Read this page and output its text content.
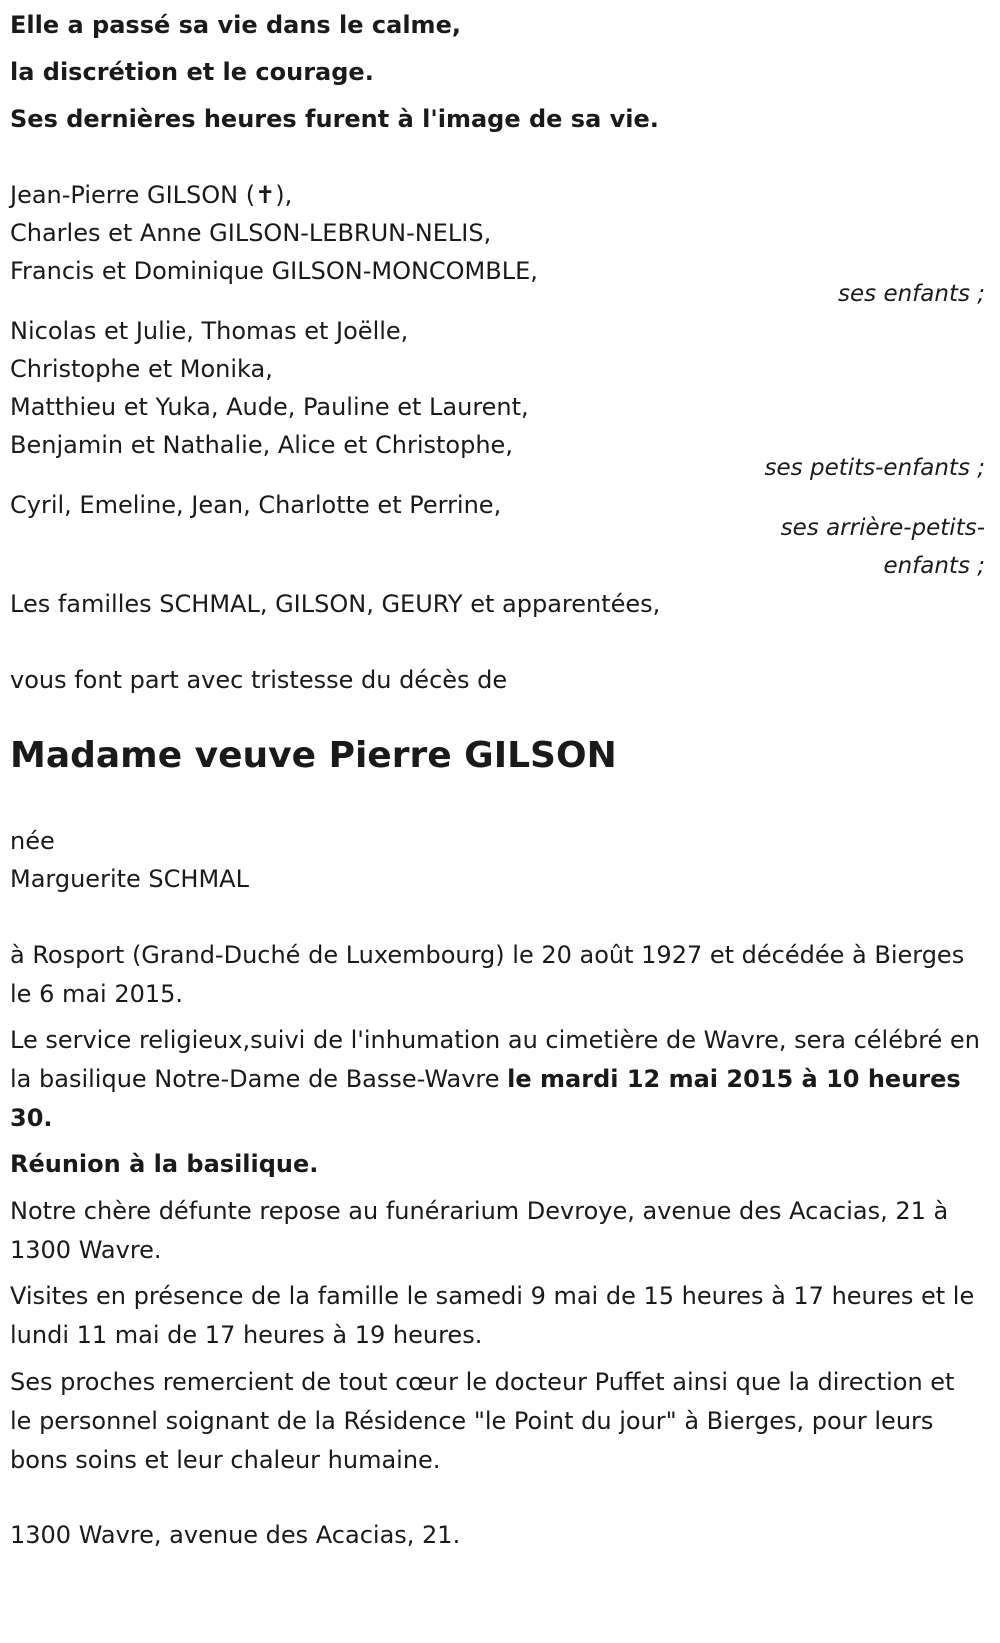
Elle a passé sa vie dans le calme,
la discrétion et le courage.
Ses dernières heures furent à l'image de sa vie.
Jean-Pierre GILSON (✝),
Charles et Anne GILSON-LEBRUN-NELIS,
Francis et Dominique GILSON-MONCOMBLE,
ses enfants ;
Nicolas et Julie, Thomas et Joëlle,
Christophe et Monika,
Matthieu et Yuka, Aude, Pauline et Laurent,
Benjamin et Nathalie, Alice et Christophe,
ses petits-enfants ;
Cyril, Emeline, Jean, Charlotte et Perrine,
ses arrière-petits-
enfants ;
Les familles SCHMAL, GILSON, GEURY et apparentées,
vous font part avec tristesse du décès de
Madame veuve Pierre GILSON
née
Marguerite SCHMAL
à Rosport (Grand-Duché de Luxembourg) le 20 août 1927 et décédée à Bierges le 6 mai 2015.
Le service religieux,suivi de l'inhumation au cimetière de Wavre, sera célébré en la basilique Notre-Dame de Basse-Wavre le mardi 12 mai 2015 à 10 heures 30.
Réunion à la basilique.
Notre chère défunte repose au funérarium Devroye, avenue des Acacias, 21 à 1300 Wavre.
Visites en présence de la famille le samedi 9 mai de 15 heures à 17 heures et le lundi 11 mai de 17 heures à 19 heures.
Ses proches remercient de tout cœur le docteur Puffet ainsi que la direction et le personnel soignant de la Résidence "le Point du jour" à Bierges, pour leurs bons soins et leur chaleur humaine.
1300 Wavre, avenue des Acacias, 21.
